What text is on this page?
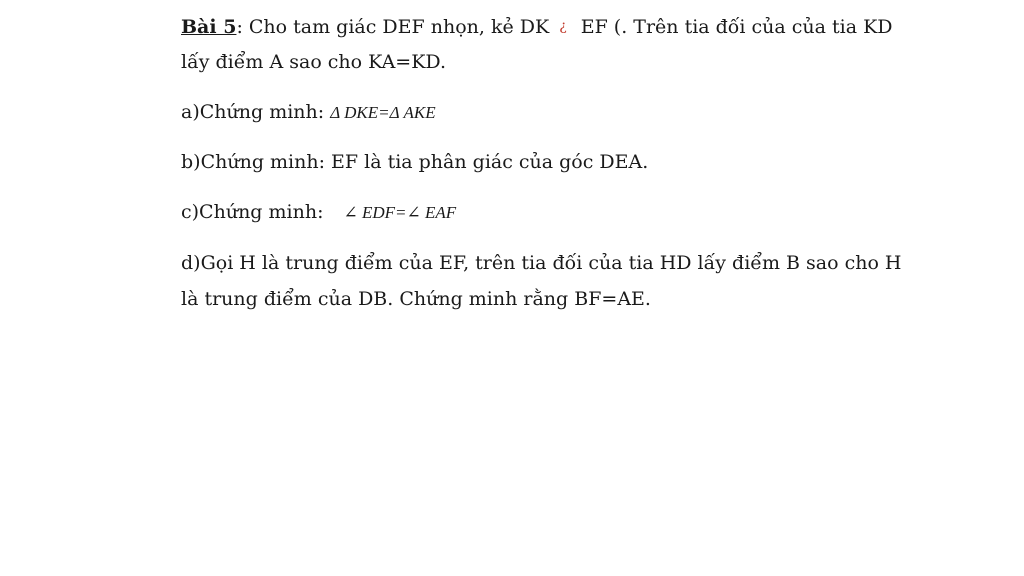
Bài 5: Cho tam giác DEF nhọn, kẻ DK ¿ EF (. Trên tia đối của của tia KD
lấy điểm A sao cho KA=KD.
a)Chứng minh: Δ DKE=Δ AKE
b)Chứng minh: EF là tia phân giác của góc DEA.
c)Chứng minh: ∠ EDF=∠ EAF
d)Gọi H là trung điểm của EF, trên tia đối của tia HD lấy điểm B sao cho H
là trung điểm của DB. Chứng minh rằng BF=AE.
